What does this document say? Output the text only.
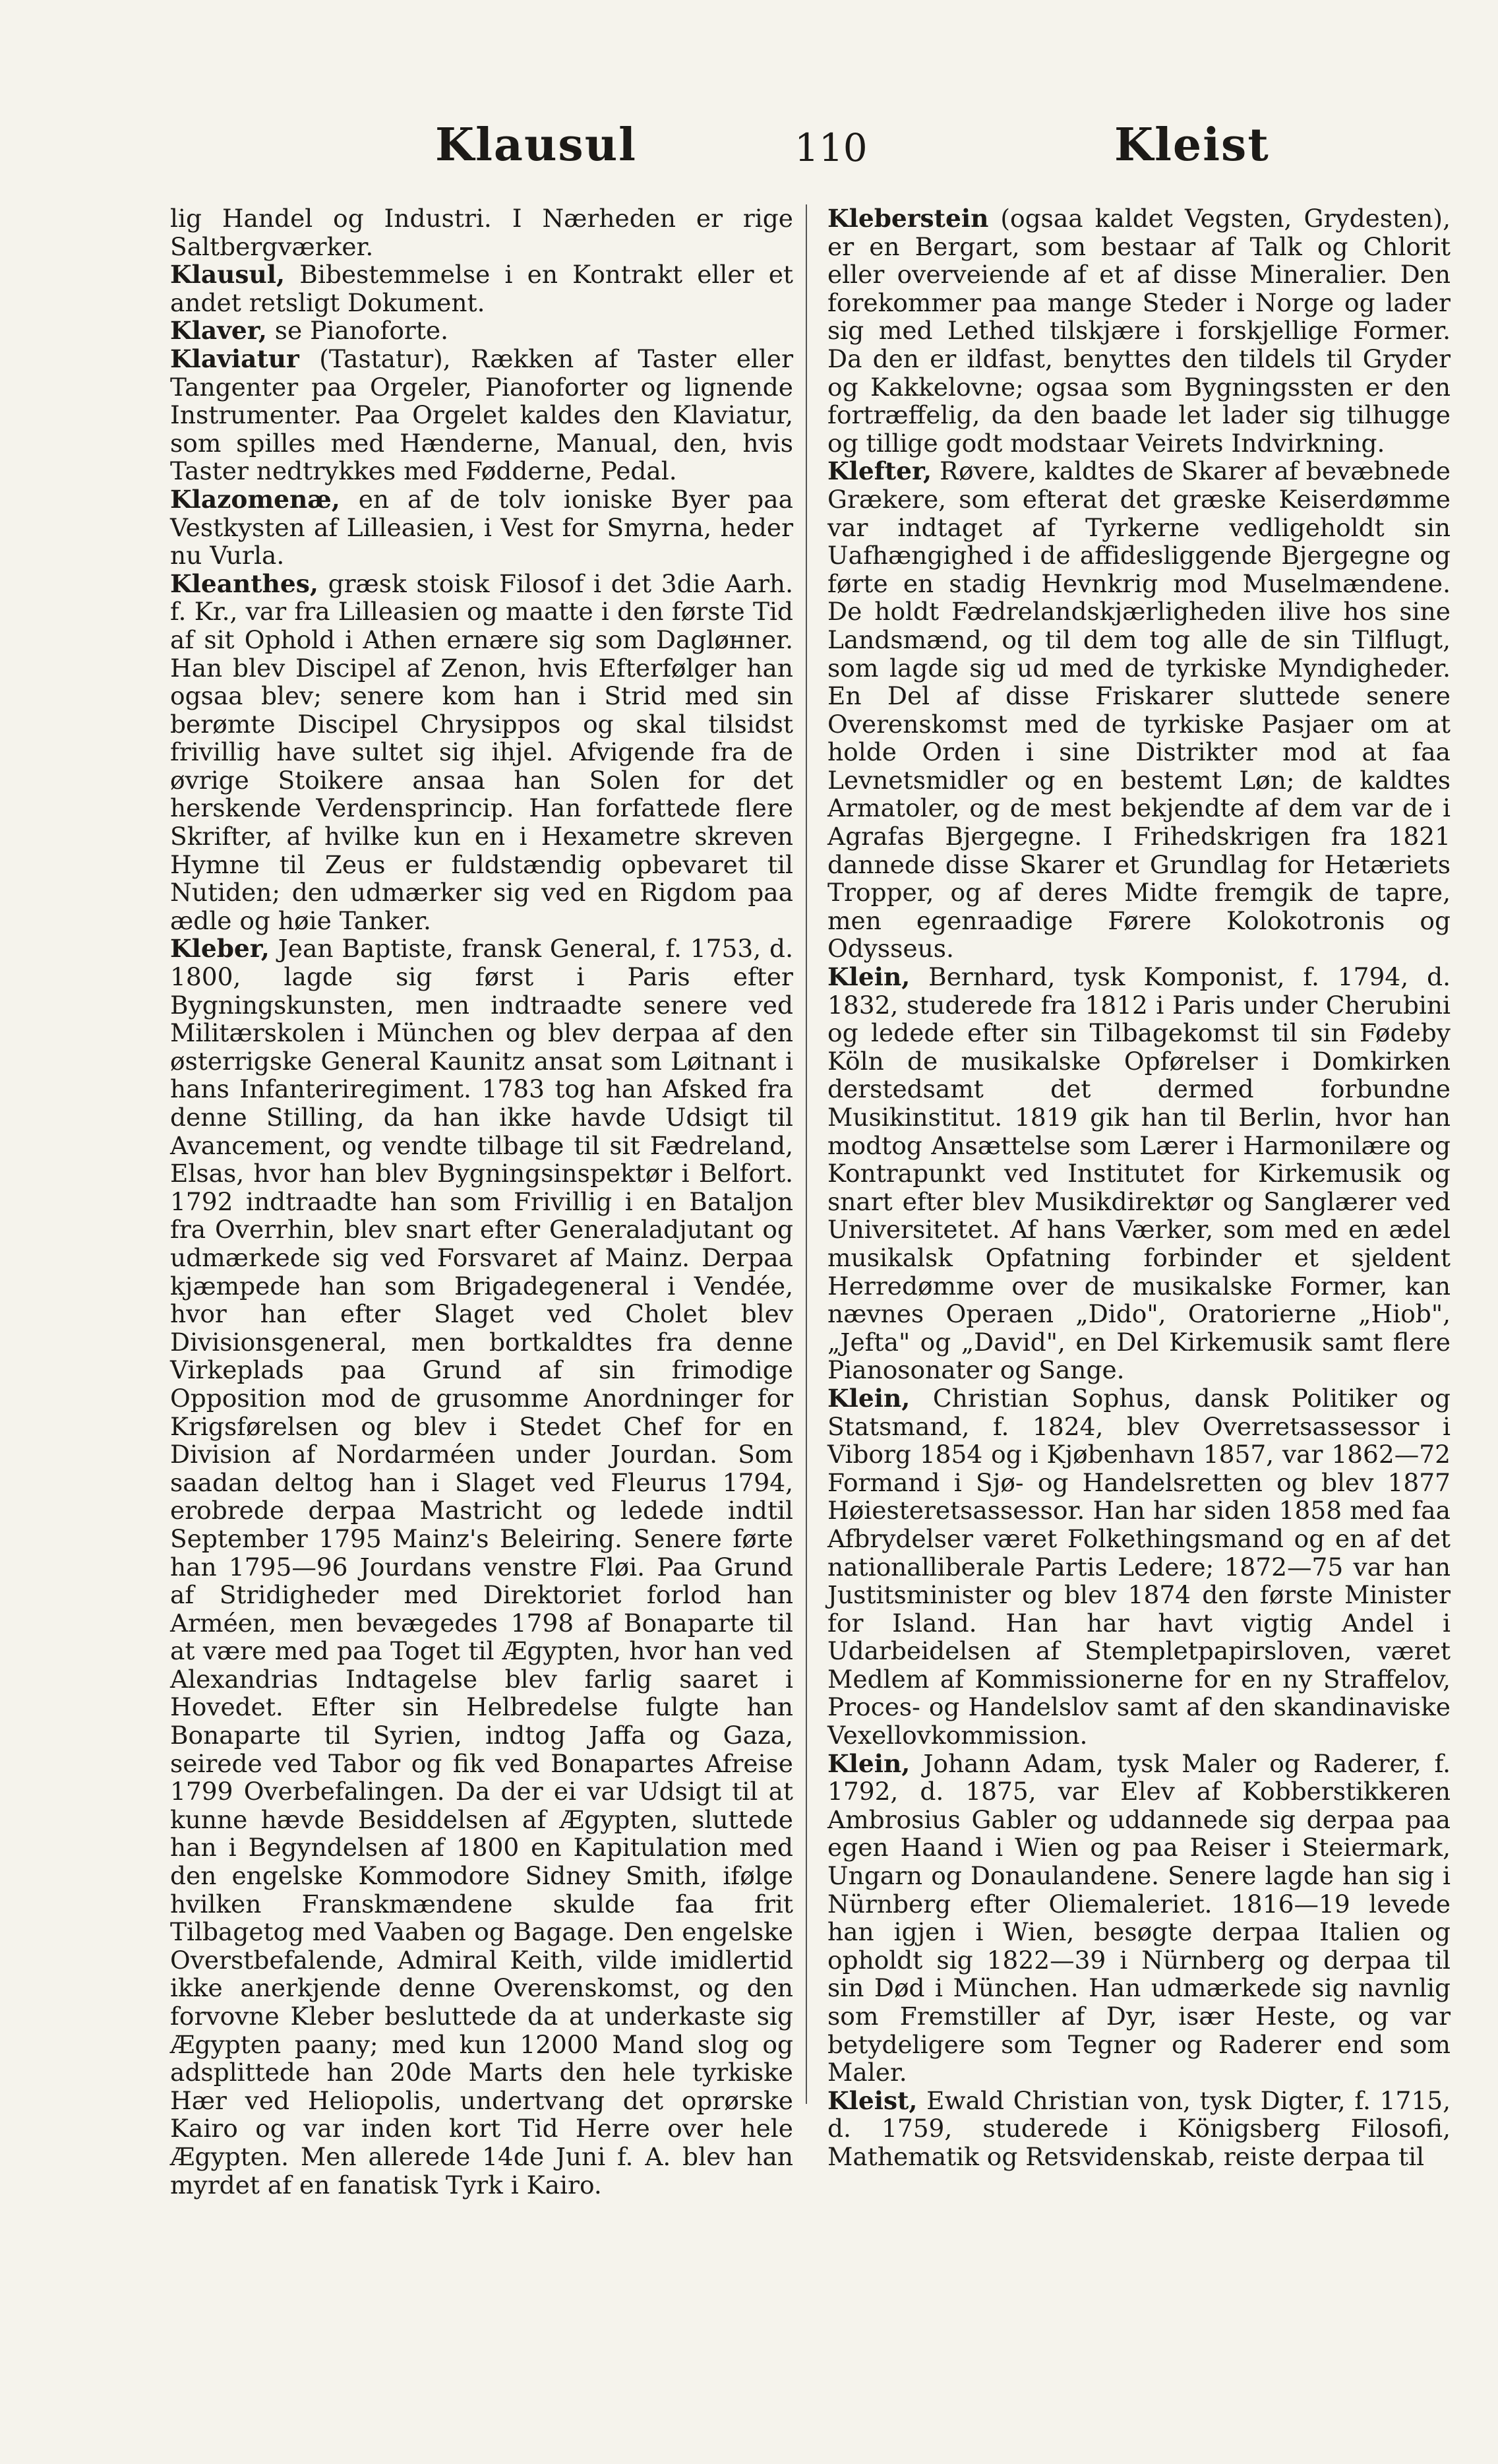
Klausul	110	Kleist

lig Handel og Industri. I Nærheden er rige Saltbergværker.

Klausul, Bibestemmelse i en Kontrakt eller et andet retsligt Dokument.

Klaver, se Pianoforte.

Klaviatur (Tastatur), Rækken af Taster eller Tangenter paa Orgeler, Pianoforter og lignende Instrumenter. Paa Orgelet kaldes den Klaviatur, som spilles med Hænderne, Manual, den, hvis Taster nedtrykkes med Fødderne, Pedal.

Klazomenæ, en af de tolv ioniske Byer paa Vestkysten af Lilleasien, i Vest for Smyrna, heder nu Vurla.

Kleanthes, græsk stoisk Filosof i det 3die Aarh. f. Kr., var fra Lilleasien og maatte i den første Tid af sit Ophold i Athen ernære sig som Dagløнner. Han blev Discipel af Zenon, hvis Efterfølger han ogsaa blev; senere kom han i Strid med sin berømte Discipel Chrysippos og skal tilsidst frivillig have sultet sig ihjel. Afvigende fra de øvrige Stoikere ansaa han Solen for det herskende Verdensprincip. Han forfattede flere Skrifter, af hvilke kun en i Hexametre skreven Hymne til Zeus er fuldstændig opbevaret til Nutiden; den udmærker sig ved en Rigdom paa ædle og høie Tanker.

Kleber, Jean Baptiste, fransk General, f. 1753, d. 1800, lagde sig først i Paris efter Bygningskunsten, men indtraadte senere ved Militærskolen i München og blev derpaa af den østerrigske General Kaunitz ansat som Løitnant i hans Infanteriregiment. 1783 tog han Afsked fra denne Stilling, da han ikke havde Udsigt til Avancement, og vendte tilbage til sit Fædreland, Elsas, hvor han blev Bygningsinspektør i Belfort. 1792 indtraadte han som Frivillig i en Bataljon fra Overrhin, blev snart efter Generaladjutant og udmærkede sig ved Forsvaret af Mainz. Derpaa kjæmpede han som Brigadegeneral i Vendée, hvor han efter Slaget ved Cholet blev Divisionsgeneral, men bortkaldtes fra denne Virkeplads paa Grund af sin frimodige Opposition mod de grusomme Anordninger for Krigsførelsen og blev i Stedet Chef for en Division af Nordarméen under Jourdan. Som saadan deltog han i Slaget ved Fleurus 1794, erobrede derpaa Mastricht og ledede indtil September 1795 Mainz's Beleiring. Senere førte han 1795—96 Jourdans venstre Fløi. Paa Grund af Stridigheder med Direktoriet forlod han Arméen, men bevægedes 1798 af Bonaparte til at være med paa Toget til Ægypten, hvor han ved Alexandrias Indtagelse blev farlig saaret i Hovedet. Efter sin Helbredelse fulgte han Bonaparte til Syrien, indtog Jaffa og Gaza, seirede ved Tabor og fik ved Bonapartes Afreise 1799 Overbefalingen. Da der ei var Udsigt til at kunne hævde Besiddelsen af Ægypten, sluttede han i Begyndelsen af 1800 en Kapitulation med den engelske Kommodore Sidney Smith, ifølge hvilken Franskmændene skulde faa frit Tilbagetog med Vaaben og Bagage. Den engelske Overstbefalende, Admiral Keith, vilde imidlertid ikke anerkjende denne Overenskomst, og den forvovne Kleber besluttede da at underkaste sig Ægypten paany; med kun 12000 Mand slog og adsplittede han 20de Marts den hele tyrkiske Hær ved Heliopolis, undertvang det oprørske Kairo og var inden kort Tid Herre over hele Ægypten. Men allerede 14de Juni f. A. blev han myrdet af en fanatisk Tyrk i Kairo.

Kleberstein (ogsaa kaldet Vegsten, Grydesten), er en Bergart, som bestaar af Talk og Chlorit eller overveiende af et af disse Mineralier. Den forekommer paa mange Steder i Norge og lader sig med Lethed tilskjære i forskjellige Former. Da den er ildfast, benyttes den tildels til Gryder og Kakkelovne; ogsaa som Bygningssten er den fortræffelig, da den baade let lader sig tilhugge og tillige godt modstaar Veirets Indvirkning.

Klefter, Røvere, kaldtes de Skarer af bevæbnede Grækere, som efterat det græske Keiserdømme var indtaget af Tyrkerne vedligeholdt sin Uafhængighed i de affidesliggende Bjergegne og førte en stadig Hevnkrig mod Muselmændene. De holdt Fædrelandskjærligheden ilive hos sine Landsmænd, og til dem tog alle de sin Tilflugt, som lagde sig ud med de tyrkiske Myndigheder. En Del af disse Friskarer sluttede senere Overenskomst med de tyrkiske Pasjaer om at holde Orden i sine Distrikter mod at faa Levnetsmidler og en bestemt Løn; de kaldtes Armatoler, og de mest bekjendte af dem var de i Agrafas Bjergegne. I Frihedskrigen fra 1821 dannede disse Skarer et Grundlag for Hetæriets Tropper, og af deres Midte fremgik de tapre, men egenraadige Førere Kolokotronis og Odysseus.

Klein, Bernhard, tysk Komponist, f. 1794, d. 1832, studerede fra 1812 i Paris under Cherubini og ledede efter sin Tilbagekomst til sin Fødeby Köln de musikalske Opførelser i Domkirken derstedsamt det dermed forbundne Musikinstitut. 1819 gik han til Berlin, hvor han modtog Ansættelse som Lærer i Harmonilære og Kontrapunkt ved Institutet for Kirkemusik og snart efter blev Musikdirektør og Sanglærer ved Universitetet. Af hans Værker, som med en ædel musikalsk Opfatning forbinder et sjeldent Herredømme over de musikalske Former, kan nævnes Operaen „Dido", Oratorierne „Hiob", „Jefta" og „David", en Del Kirkemusik samt flere Pianosonater og Sange.

Klein, Christian Sophus, dansk Politiker og Statsmand, f. 1824, blev Overretsassessor i Viborg 1854 og i Kjøbenhavn 1857, var 1862—72 Formand i Sjø- og Handelsretten og blev 1877 Høiesteretsassessor. Han har siden 1858 med faa Afbrydelser været Folkethingsmand og en af det nationalliberale Partis Ledere; 1872—75 var han Justitsminister og blev 1874 den første Minister for Island. Han har havt vigtig Andel i Udarbeidelsen af Stempletpapirsloven, været Medlem af Kommissionerne for en ny Straffelov, Proces- og Handelslov samt af den skandinaviske Vexellovkommission.

Klein, Johann Adam, tysk Maler og Raderer, f. 1792, d. 1875, var Elev af Kobberstikkeren Ambrosius Gabler og uddannede sig derpaa paa egen Haand i Wien og paa Reiser i Steiermark, Ungarn og Donaulandene. Senere lagde han sig i Nürnberg efter Oliemaleriet. 1816—19 levede han igjen i Wien, besøgte derpaa Italien og opholdt sig 1822—39 i Nürnberg og derpaa til sin Død i München. Han udmærkede sig navnlig som Fremstiller af Dyr, især Heste, og var betydeligere som Tegner og Raderer end som Maler.

Kleist, Ewald Christian von, tysk Digter, f. 1715, d. 1759, studerede i Königsberg Filosofi, Mathematik og Retsvidenskab, reiste derpaa til
